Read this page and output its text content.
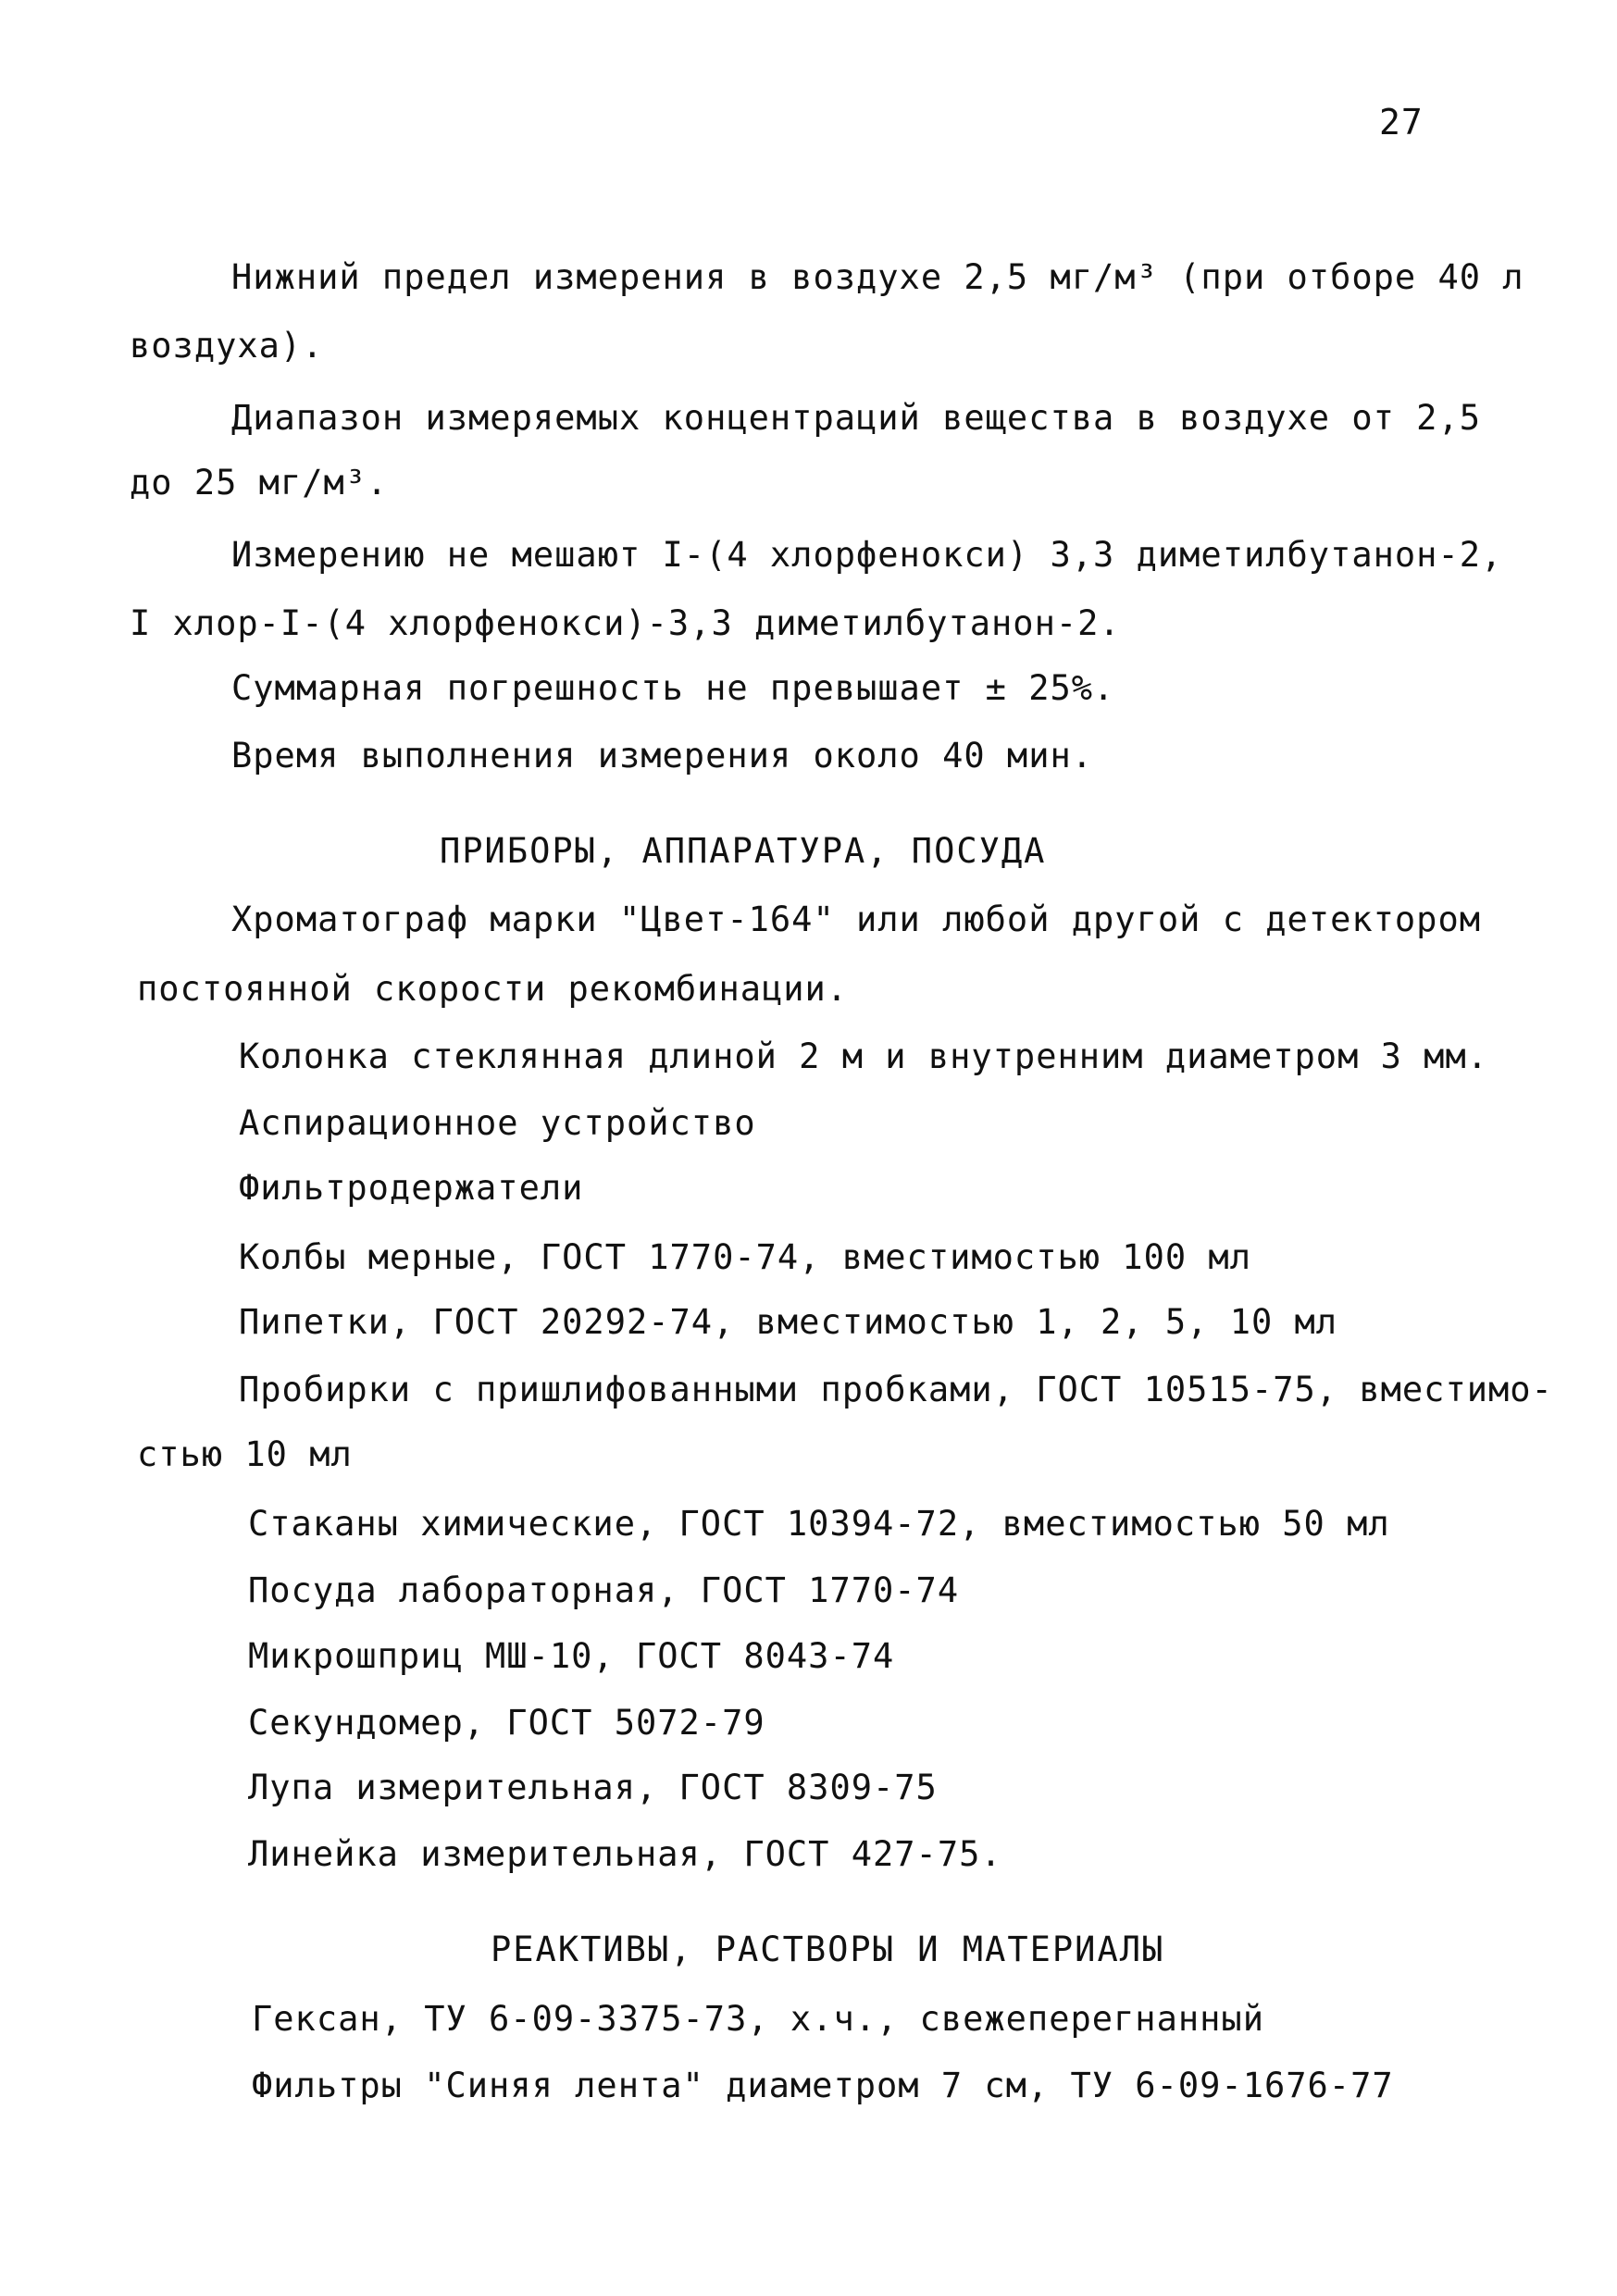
27
Нижний предел измерения в воздухе 2,5 мг/м³ (при отборе 40 л
воздуха).
Диапазон измеряемых концентраций вещества в воздухе от 2,5
до 25 мг/м³.
Измерению не мешают I-(4 хлорфенокси) 3,3 диметилбутанон-2,
I хлор-I-(4 хлорфенокси)-3,3 диметилбутанон-2.
Суммарная погрешность не превышает ± 25%.
Время выполнения измерения около 40 мин.
ПРИБОРЫ, АППАРАТУРА, ПОСУДА
Хроматограф марки "Цвет-164" или любой другой с детектором
постоянной скорости рекомбинации.
Колонка стеклянная длиной 2 м и внутренним диаметром 3 мм.
Аспирационное устройство
Фильтродержатели
Колбы мерные, ГОСТ 1770-74, вместимостью 100 мл
Пипетки, ГОСТ 20292-74, вместимостью 1, 2, 5, 10 мл
Пробирки с пришлифованными пробками, ГОСТ 10515-75, вместимо-
стью 10 мл
Стаканы химические, ГОСТ 10394-72, вместимостью 50 мл
Посуда лабораторная, ГОСТ 1770-74
Микрошприц МШ-10, ГОСТ 8043-74
Секундомер, ГОСТ 5072-79
Лупа измерительная, ГОСТ 8309-75
Линейка измерительная, ГОСТ 427-75.
РЕАКТИВЫ, РАСТВОРЫ И МАТЕРИАЛЫ
Гексан, ТУ 6-09-3375-73, х.ч., свежеперегнанный
Фильтры "Синяя лента" диаметром 7 см, ТУ 6-09-1676-77
